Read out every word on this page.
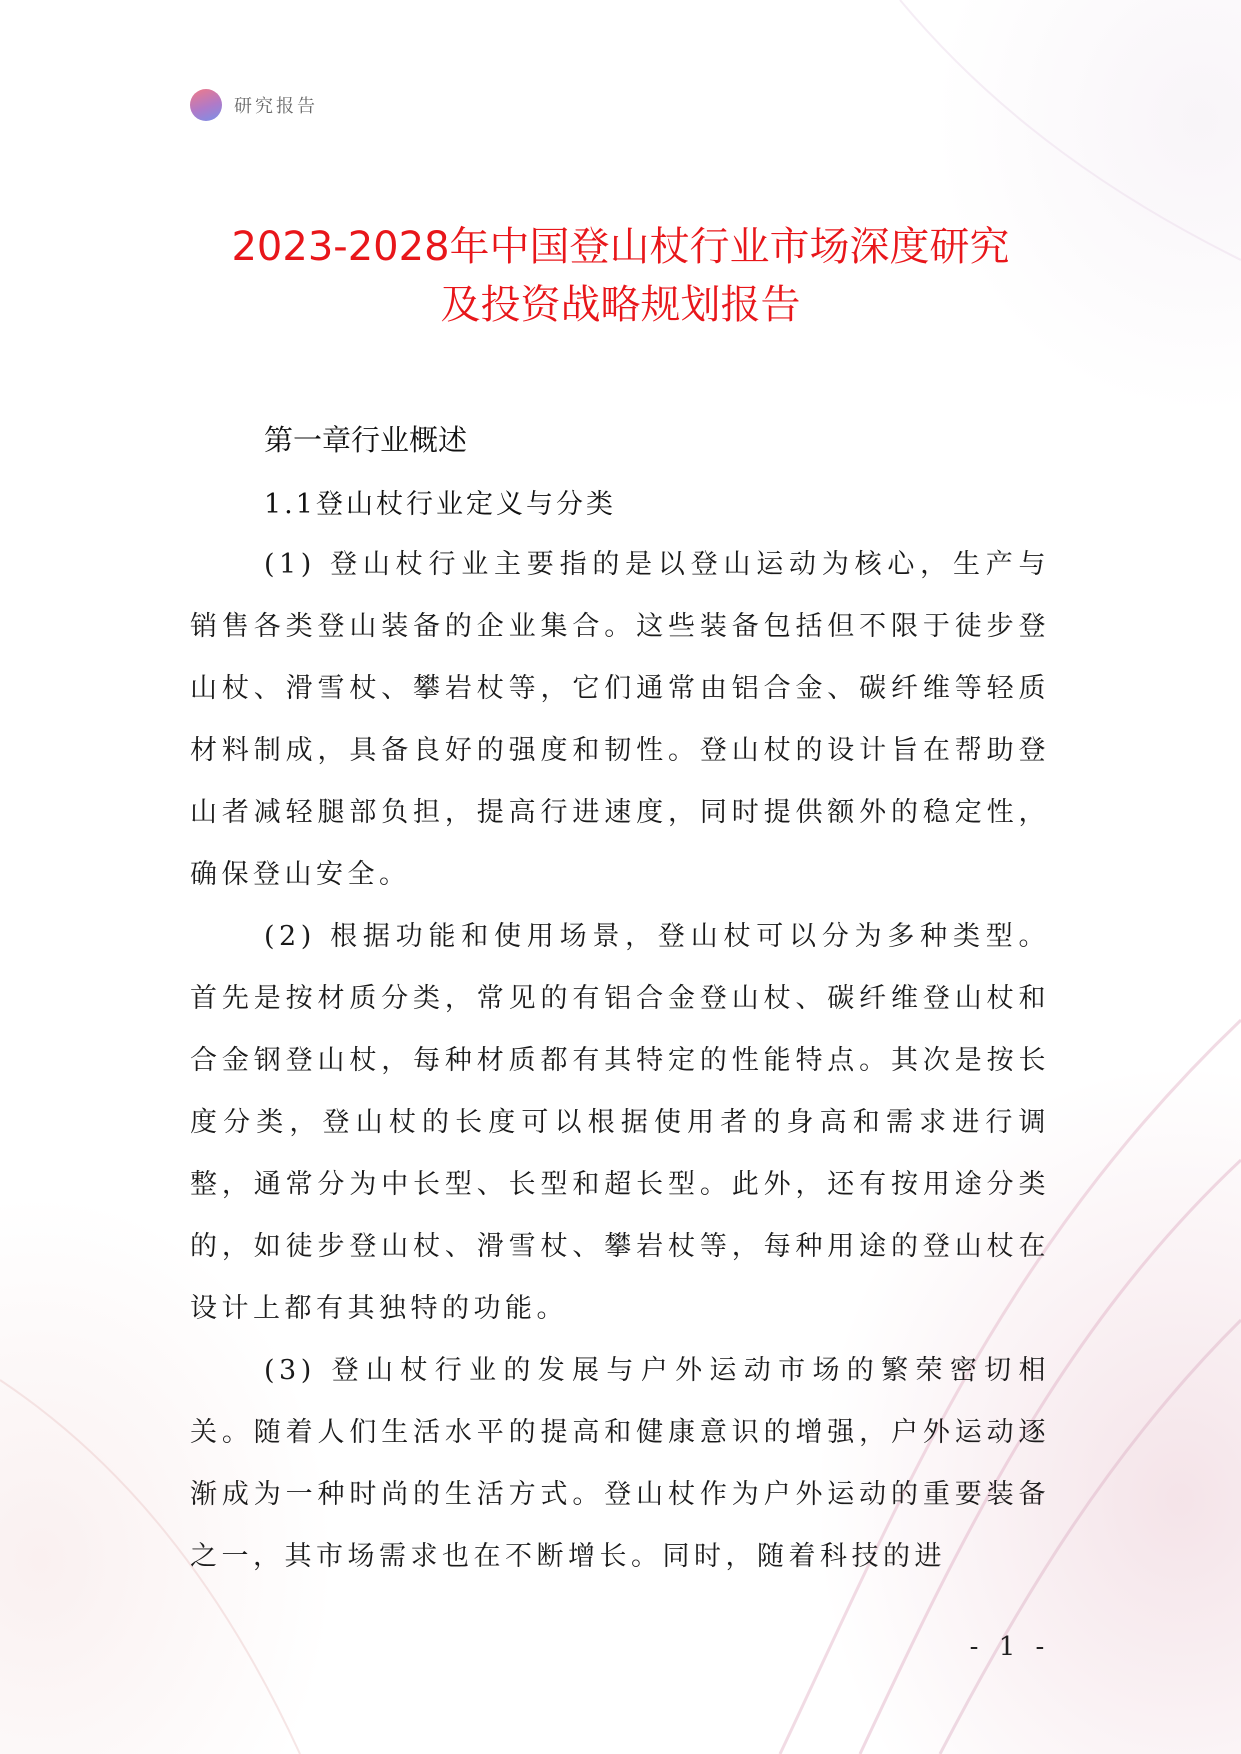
研究报告
2023-2028年中国登山杖行业市场深度研究
及投资战略规划报告
第一章行业概述
1.1登山杖行业定义与分类

(1) 登山杖行业主要指的是以登山运动为核心，生产与销售各类登山装备的企业集合。这些装备包括但不限于徒步登山杖、滑雪杖、攀岩杖等，它们通常由铝合金、碳纤维等轻质材料制成，具备良好的强度和韧性。登山杖的设计旨在帮助登山者减轻腿部负担，提高行进速度，同时提供额外的稳定性，确保登山安全。

(2) 根据功能和使用场景，登山杖可以分为多种类型。首先是按材质分类，常见的有铝合金登山杖、碳纤维登山杖和合金钢登山杖，每种材质都有其特定的性能特点。其次是按长度分类，登山杖的长度可以根据使用者的身高和需求进行调整，通常分为中长型、长型和超长型。此外，还有按用途分类的，如徒步登山杖、滑雪杖、攀岩杖等，每种用途的登山杖在设计上都有其独特的功能。

(3) 登山杖行业的发展与户外运动市场的繁荣密切相关。随着人们生活水平的提高和健康意识的增强，户外运动逐渐成为一种时尚的生活方式。登山杖作为户外运动的重要装备之一，其市场需求也在不断增长。同时，随着科技的进

- 1 -
